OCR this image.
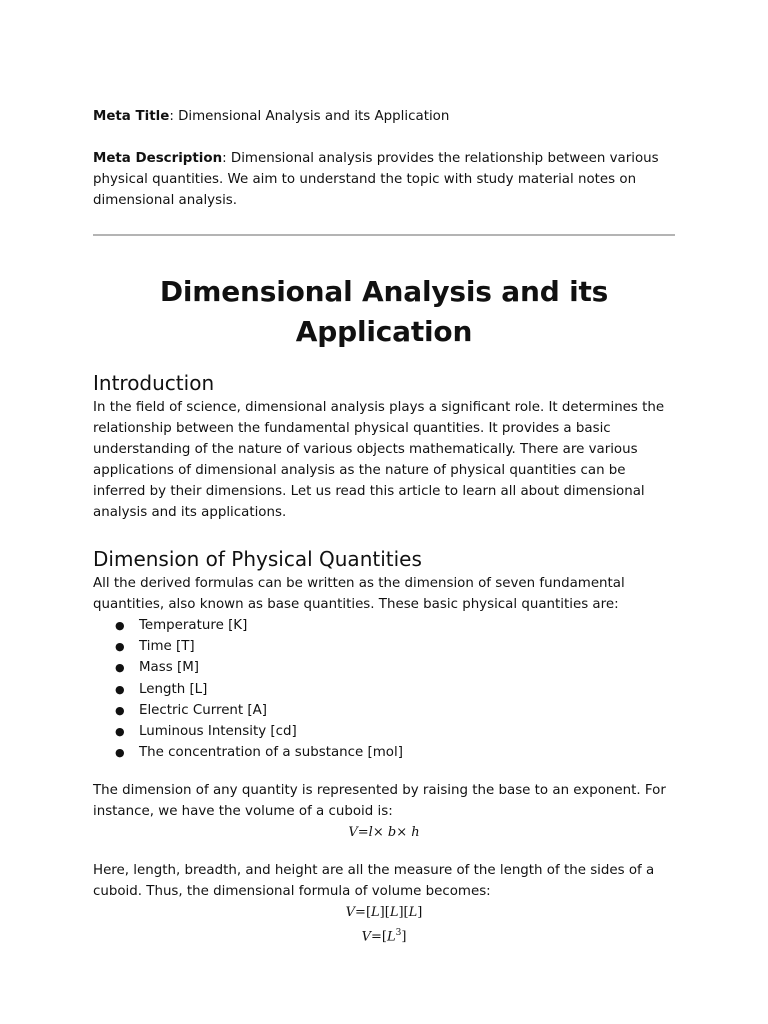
Meta Title: Dimensional Analysis and its Application

Meta Description: Dimensional analysis provides the relationship between various physical quantities. We aim to understand the topic with study material notes on dimensional analysis.

Dimensional Analysis and its Application
Introduction

In the field of science, dimensional analysis plays a significant role. It determines the relationship between the fundamental physical quantities. It provides a basic understanding of the nature of various objects mathematically. There are various applications of dimensional analysis as the nature of physical quantities can be inferred by their dimensions. Let us read this article to learn all about dimensional analysis and its applications.

Dimension of Physical Quantities

All the derived formulas can be written as the dimension of seven fundamental quantities, also known as base quantities. These basic physical quantities are:

● Temperature [K]
● Time [T]
● Mass [M]
● Length [L]
● Electric Current [A]
● Luminous Intensity [cd]
● The concentration of a substance [mol]

The dimension of any quantity is represented by raising the base to an exponent. For instance, we have the volume of a cuboid is:

V=l× b× h

Here, length, breadth, and height are all the measure of the length of the sides of a cuboid. Thus, the dimensional formula of volume becomes:

V=[L][L][L]
$V=[L^3]$
